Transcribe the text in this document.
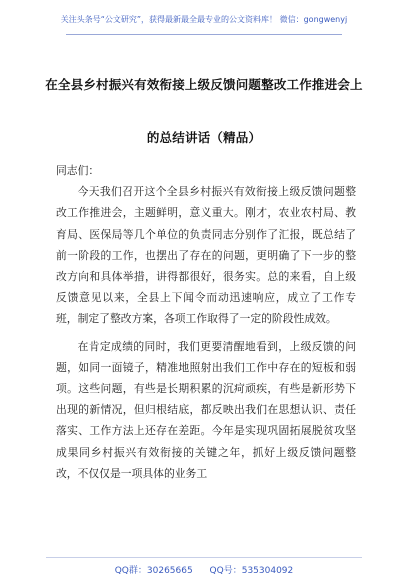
关注头条号“公文研究”，获得最新最全最专业的公文资料库！ 微信：gongwenyj
在全县乡村振兴有效衔接上级反馈问题整改工作推进会上
的总结讲话（精品）

同志们：

今天我们召开这个全县乡村振兴有效衔接上级反馈问题整改工作推进会，主题鲜明，意义重大。刚才，农业农村局、教育局、医保局等几个单位的负责同志分别作了汇报，既总结了前一阶段的工作，也摆出了存在的问题，更明确了下一步的整改方向和具体举措，讲得都很好，很务实。总的来看，自上级反馈意见以来，全县上下闻令而动迅速响应，成立了工作专班，制定了整改方案，各项工作取得了一定的阶段性成效。

在肯定成绩的同时，我们更要清醒地看到，上级反馈的问题，如同一面镜子，精准地照射出我们工作中存在的短板和弱项。这些问题，有些是长期积累的沉疴顽疾，有些是新形势下出现的新情况，但归根结底，都反映出我们在思想认识、责任落实、工作方法上还存在差距。今年是实现巩固拓展脱贫攻坚成果同乡村振兴有效衔接的关键之年，抓好上级反馈问题整改，不仅仅是一项具体的业务工

QQ群：30265665 QQ号：535304092
